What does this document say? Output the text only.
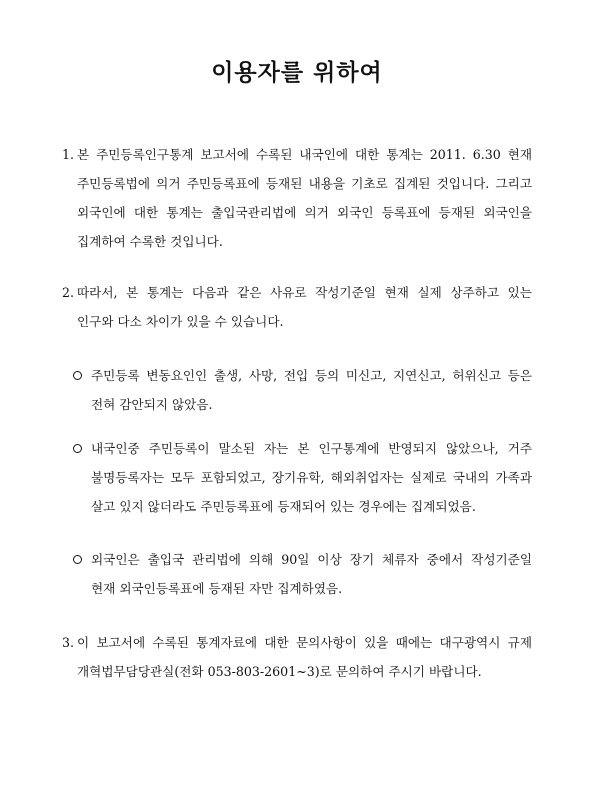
이용자를 위하여
1. 본 주민등록인구통계 보고서에 수록된 내국인에 대한 통계는 2011. 6.30 현재
주민등록법에 의거 주민등록표에 등재된 내용을 기초로 집계된 것입니다. 그리고
외국인에 대한 통계는 출입국관리법에 의거 외국인 등록표에 등재된 외국인을
집계하여 수록한 것입니다.
2. 따라서, 본 통계는 다음과 같은 사유로 작성기준일 현재 실제 상주하고 있는
인구와 다소 차이가 있을 수 있습니다.
주민등록 변동요인인 출생, 사망, 전입 등의 미신고, 지연신고, 허위신고 등은
전혀 감안되지 않았음.
내국인중 주민등록이 말소된 자는 본 인구통계에 반영되지 않았으나, 거주
불명등록자는 모두 포함되었고, 장기유학, 해외취업자는 실제로 국내의 가족과
살고 있지 않더라도 주민등록표에 등재되어 있는 경우에는 집계되었음.
외국인은 출입국 관리법에 의해 90일 이상 장기 체류자 중에서 작성기준일
현재 외국인등록표에 등재된 자만 집계하였음.
3. 이 보고서에 수록된 통계자료에 대한 문의사항이 있을 때에는 대구광역시 규제
개혁법무담당관실(전화 053-803-2601~3)로 문의하여 주시기 바랍니다.
